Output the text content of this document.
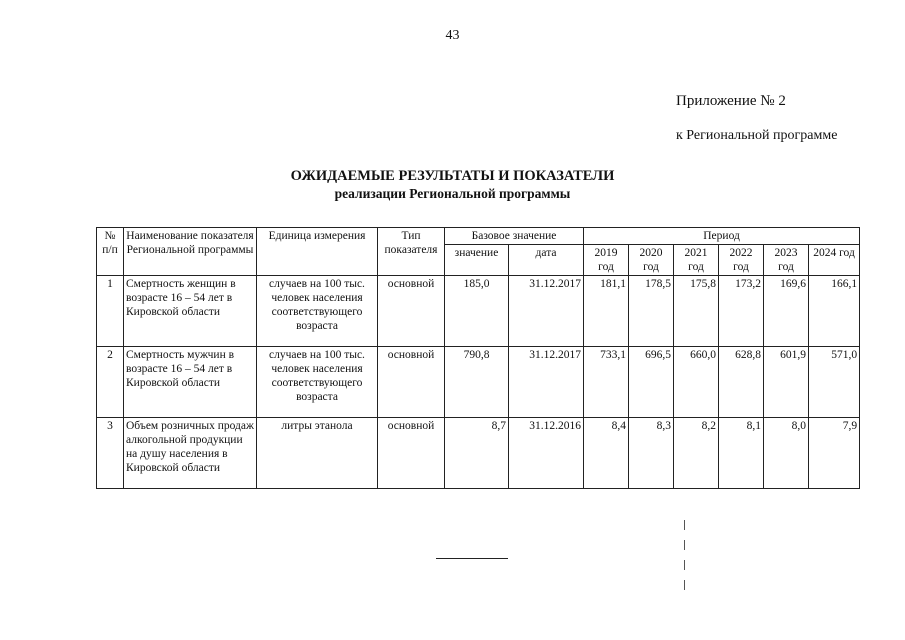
43
Приложение № 2
к Региональной программе
ОЖИДАЕМЫЕ РЕЗУЛЬТАТЫ И ПОКАЗАТЕЛИ
реализации Региональной программы
№ п/п	Наименование показателя Региональной программы	Единица измерения	Тип показателя	Базовое значение		Период					
				значение	дата	2019 год	2020 год	2021 год	2022 год	2023 год	2024 год
1	Смертность женщин в возрасте 16 – 54 лет в Кировской области	случаев на 100 тыс. человек населения соответствующего возраста	основной	185,0	31.12.2017	181,1	178,5	175,8	173,2	169,6	166,1
2	Смертность мужчин в возрасте 16 – 54 лет в Кировской области	случаев на 100 тыс. человек населения соответствующего возраста	основной	790,8	31.12.2017	733,1	696,5	660,0	628,8	601,9	571,0
3	Объем розничных продаж алкогольной продукции на душу населения в Кировской области	литры этанола	основной	8,7	31.12.2016	8,4	8,3	8,2	8,1	8,0	7,9
